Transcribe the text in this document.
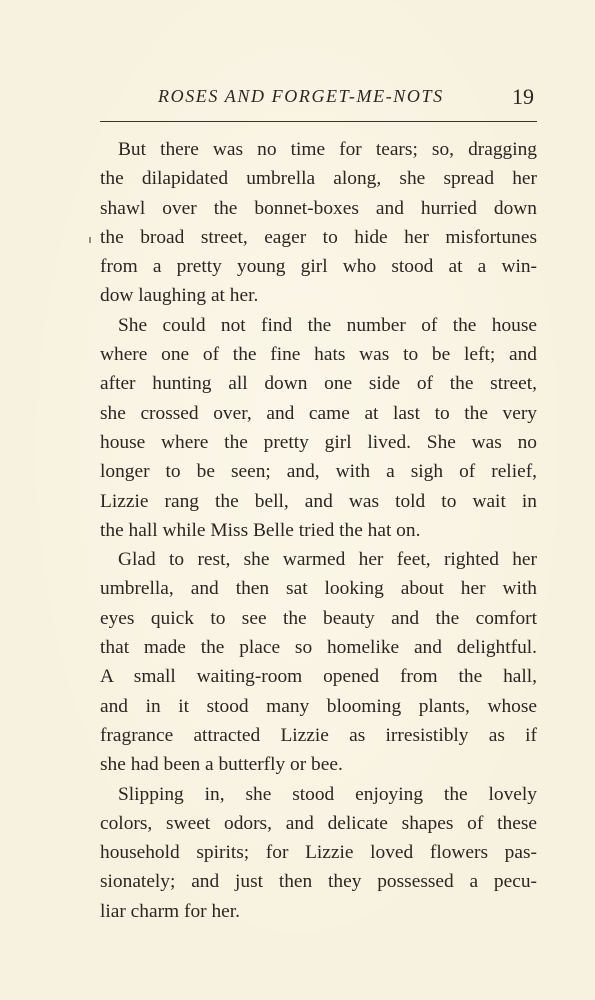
ROSES AND FORGET-ME-NOTS	19
But there was no time for tears; so, dragging
the dilapidated umbrella along, she spread her
shawl over the bonnet-boxes and hurried down
the broad street, eager to hide her misfortunes
from a pretty young girl who stood at a win-
dow laughing at her.
She could not find the number of the house
where one of the fine hats was to be left; and
after hunting all down one side of the street,
she crossed over, and came at last to the very
house where the pretty girl lived. She was no
longer to be seen; and, with a sigh of relief,
Lizzie rang the bell, and was told to wait in
the hall while Miss Belle tried the hat on.
Glad to rest, she warmed her feet, righted her
umbrella, and then sat looking about her with
eyes quick to see the beauty and the comfort
that made the place so homelike and delightful.
A small waiting-room opened from the hall,
and in it stood many blooming plants, whose
fragrance attracted Lizzie as irresistibly as if
she had been a butterfly or bee.
Slipping in, she stood enjoying the lovely
colors, sweet odors, and delicate shapes of these
household spirits; for Lizzie loved flowers pas-
sionately; and just then they possessed a pecu-
liar charm for her.
